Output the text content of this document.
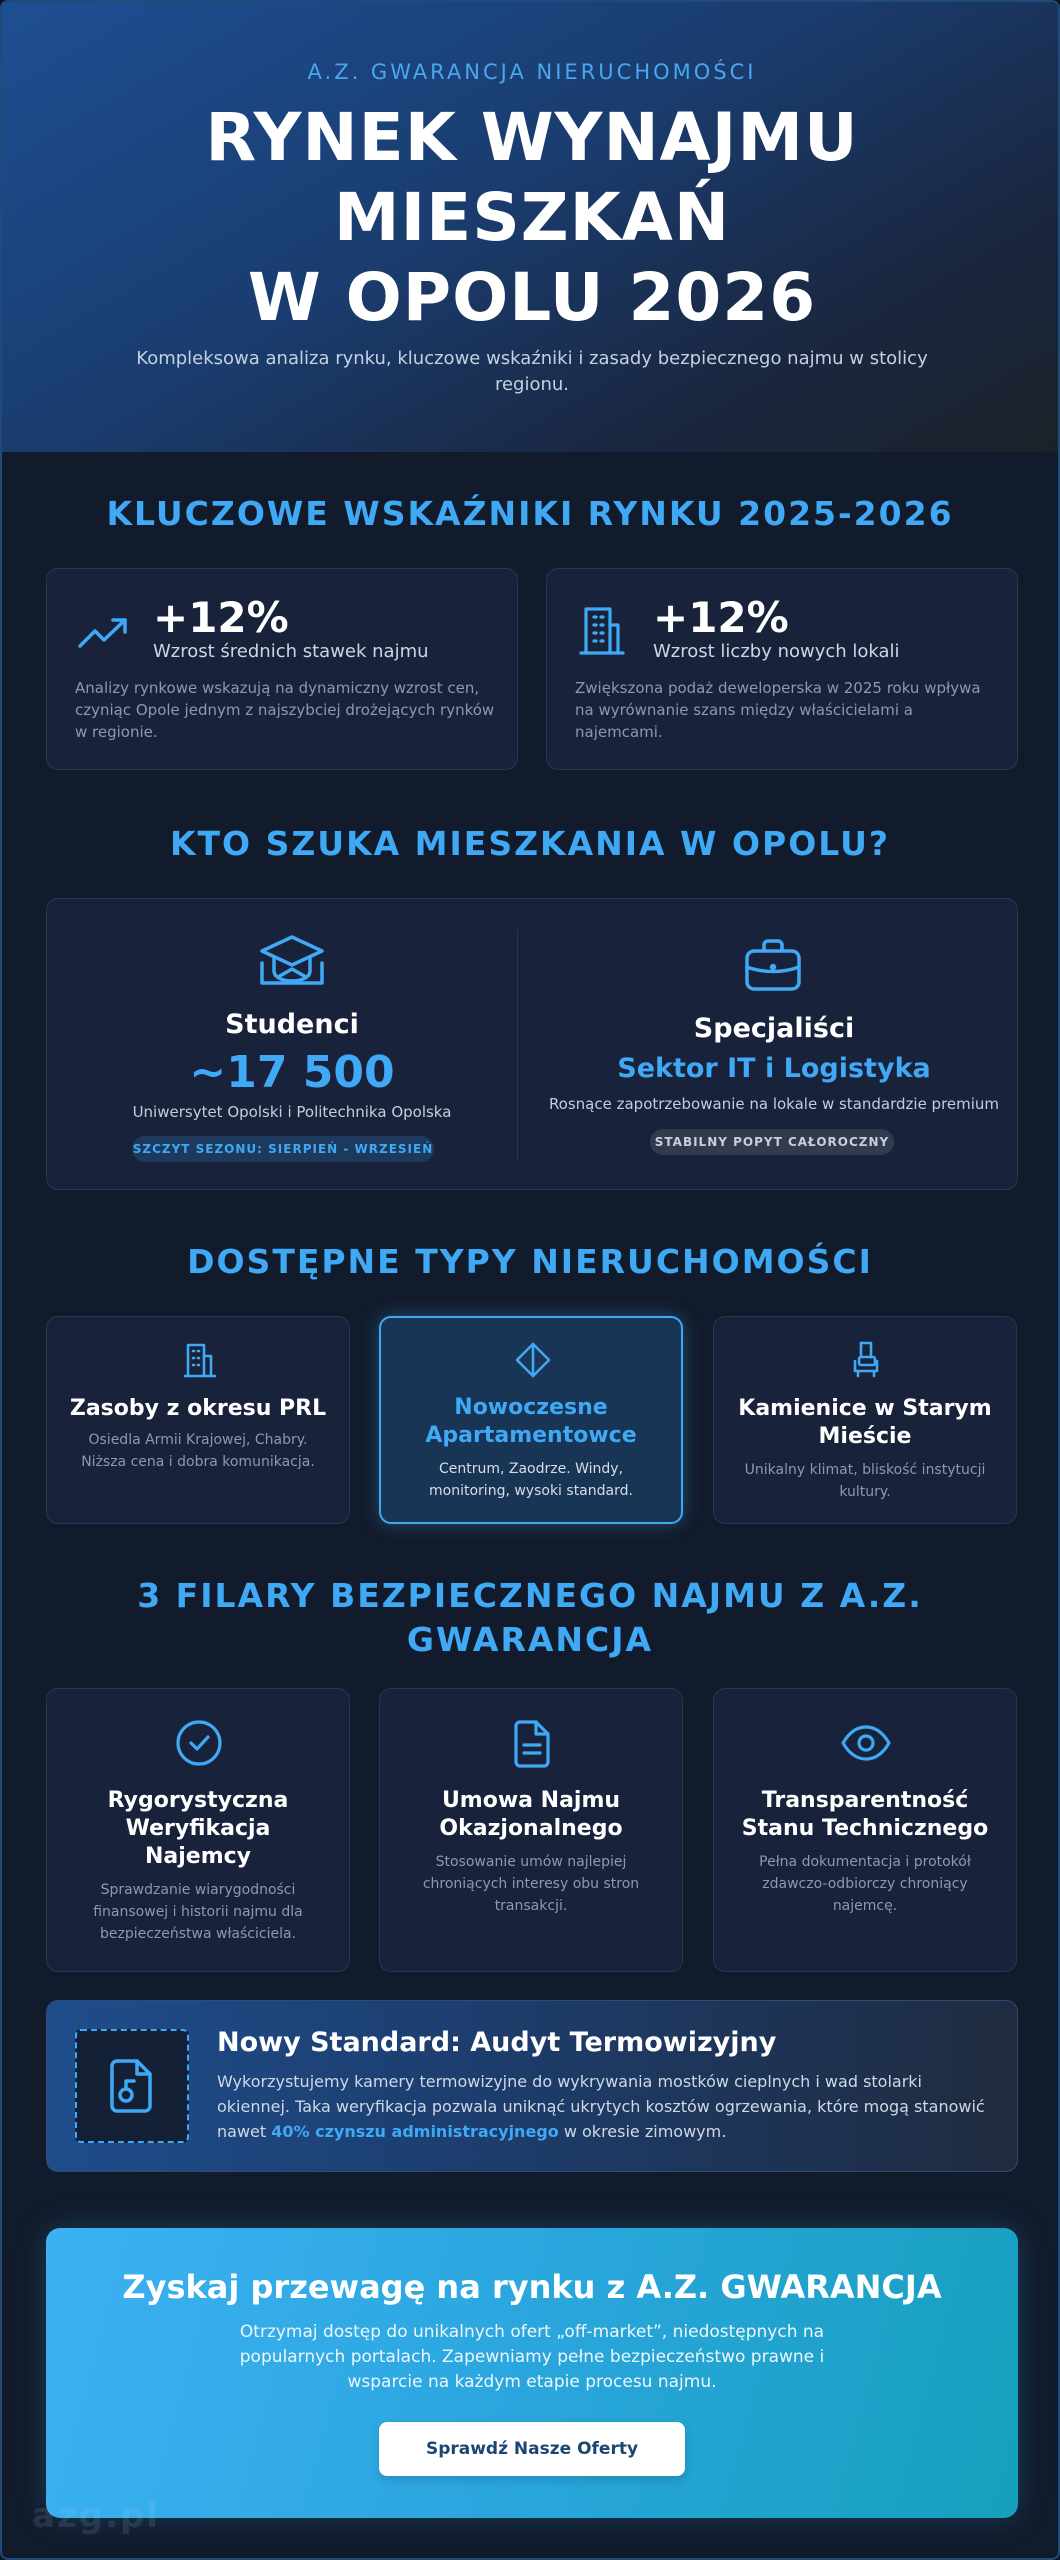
A.Z. GWARANCJA NIERUCHOMOŚCI
RYNEK WYNAJMU
MIESZKAŃ
W OPOLU 2026
Kompleksowa analiza rynku, kluczowe wskaźniki i zasady bezpiecznego najmu w stolicy regionu.
KLUCZOWE WSKAŹNIKI RYNKU 2025-2026
+12%
Wzrost średnich stawek najmu
Analizy rynkowe wskazują na dynamiczny wzrost cen, czyniąc Opole jednym z najszybciej drożejących rynków w regionie.
+12%
Wzrost liczby nowych lokali
Zwiększona podaż deweloperska w 2025 roku wpływa na wyrównanie szans między właścicielami a najemcami.
KTO SZUKA MIESZKANIA W OPOLU?
Studenci
~17 500
Uniwersytet Opolski i Politechnika Opolska
SZCZYT SEZONU: SIERPIEŃ - WRZESIEŃ
Specjaliści
Sektor IT i Logistyka
Rosnące zapotrzebowanie na lokale w standardzie premium
STABILNY POPYT CAŁOROCZNY
DOSTĘPNE TYPY NIERUCHOMOŚCI
Zasoby z okresu PRL
Osiedla Armii Krajowej, Chabry. Niższa cena i dobra komunikacja.
Nowoczesne Apartamentowce
Centrum, Zaodrze. Windy, monitoring, wysoki standard.
Kamienice w Starym Mieście
Unikalny klimat, bliskość instytucji kultury.
3 FILARY BEZPIECZNEGO NAJMU Z A.Z.
GWARANCJA
Rygorystyczna
Weryfikacja
Najemcy
Sprawdzanie wiarygodności finansowej i historii najmu dla bezpieczeństwa właściciela.
Umowa Najmu
Okazjonalnego
Stosowanie umów najlepiej chroniących interesy obu stron transakcji.
Transparentność
Stanu Technicznego
Pełna dokumentacja i protokół zdawczo-odbiorczy chroniący najemcę.
Nowy Standard: Audyt Termowizyjny
Wykorzystujemy kamery termowizyjne do wykrywania mostków cieplnych i wad stolarki okiennej. Taka weryfikacja pozwala uniknąć ukrytych kosztów ogrzewania, które mogą stanowić nawet 40% czynszu administracyjnego w okresie zimowym.
Zyskaj przewagę na rynku z A.Z. GWARANCJA
Otrzymaj dostęp do unikalnych ofert „off-market”, niedostępnych na popularnych portalach. Zapewniamy pełne bezpieczeństwo prawne i wsparcie na każdym etapie procesu najmu.
Sprawdź Nasze Oferty
azg.pl
